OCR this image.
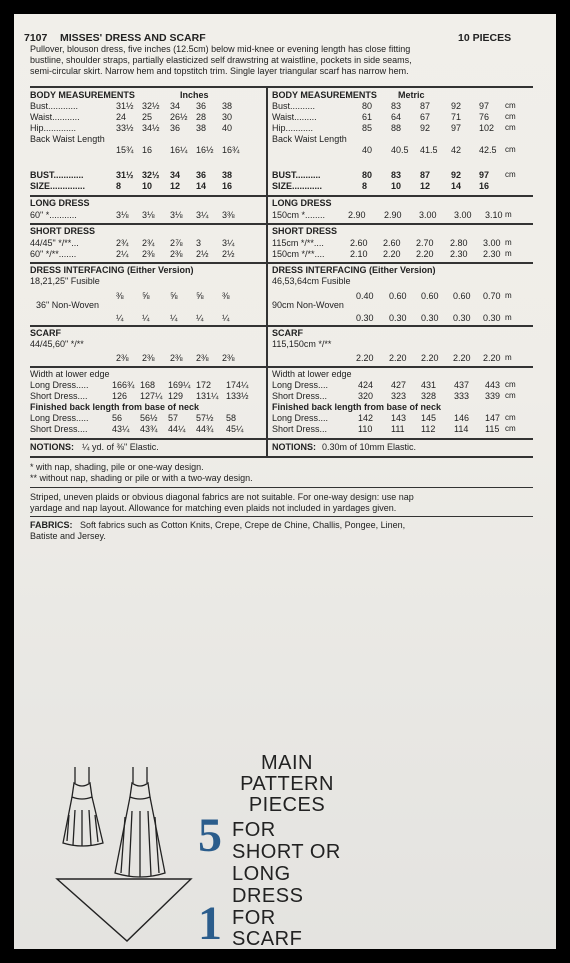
7107 MISSES' DRESS AND SCARF	10 PIECES
Pullover, blouson dress, five inches (12.5cm) below mid-knee or evening length has close fitting
bustline, shoulder straps, partially elasticized self drawstring at waistline, pockets in side seams,
semi-circular skirt. Narrow hem and topstitch trim. Single layer triangular scarf has narrow hem.
BODY MEASUREMENTS	Inches
Bust............	31½ 32½ 34 36 38
Waist...........	24 25 26½ 28 30
Hip.............	33½ 34½ 36 38 40
Back Waist Length
15¾ 16 16¼ 16½ 16¾
BUST............	31½ 32½ 34 36 38
SIZE..............	8 10 12 14 16
LONG DRESS
60" *...........	3⅛ 3⅛ 3⅛ 3¼ 3⅜
SHORT DRESS
44/45" */**...	2¾ 2¾ 2⅞ 3 3¼
60" */**.......	2¼ 2⅜ 2⅜ 2½ 2½
DRESS INTERFACING (Either Version)
18,21,25" Fusible
⅜ ⅝ ⅝ ⅝ ⅜
36" Non-Woven
¼ ¼ ¼ ¼ ¼
SCARF
44/45,60" */**
2⅜ 2⅜ 2⅜ 2⅜ 2⅜
Width at lower edge
Long Dress.....	166¾ 168 169¼ 172 174¼
Short Dress....	126 127¼ 129 131¼ 133½
Finished back length from base of neck
Long Dress.....	56 56½ 57 57½ 58
Short Dress....	43¼ 43¾ 44¼ 44¾ 45¼
NOTIONS: ¼ yd. of ⅜" Elastic.
BODY MEASUREMENTS Metric
Bust..........	80 83 87 92 97 cm
Waist.........	61 64 67 71 76 cm
Hip...........	85 88 92 97 102 cm
Back Waist Length
40 40.5 41.5 42 42.5 cm
BUST..........	80 83 87 92 97 cm
SIZE............	8	10 12 14 16
LONG DRESS
150cm *........	2.90 2.90 3.00 3.00 3.10 m
SHORT DRESS
115cm */**....	2.60 2.60 2.70 2.80 3.00 m
150cm */**....	2.10 2.20 2.20 2.30 2.30 m
DRESS INTERFACING (Either Version)
46,53,64cm Fusible
0.40 0.60 0.60 0.60 0.70 m
90cm Non-Woven
0.30 0.30 0.30 0.30 0.30 m
SCARF
115,150cm */**
2.20 2.20 2.20 2.20 2.20 m
Width at lower edge
Long Dress....	424 427 431 437 443 cm
Short Dress...	320 323 328 333 339 cm
Finished back length from base of neck
Long Dress....	142 143 145 146 147 cm
Short Dress...	110 111 112 114 115 cm
NOTIONS: 0.30m of 10mm Elastic.
* with nap, shading, pile or one-way design.
** without nap, shading or pile or with a two-way design.
Striped, uneven plaids or obvious diagonal fabrics are not suitable. For one-way design: use nap
yardage and nap layout. Allowance for matching even plaids not included in yardages given.
FABRICS: Soft fabrics such as Cotton Knits, Crepe, Crepe de Chine, Challis, Pongee, Linen,
Batiste and Jersey.
MAIN
PATTERN
PIECES
5 FOR
SHORT OR
LONG
DRESS
1 FOR
SCARF
